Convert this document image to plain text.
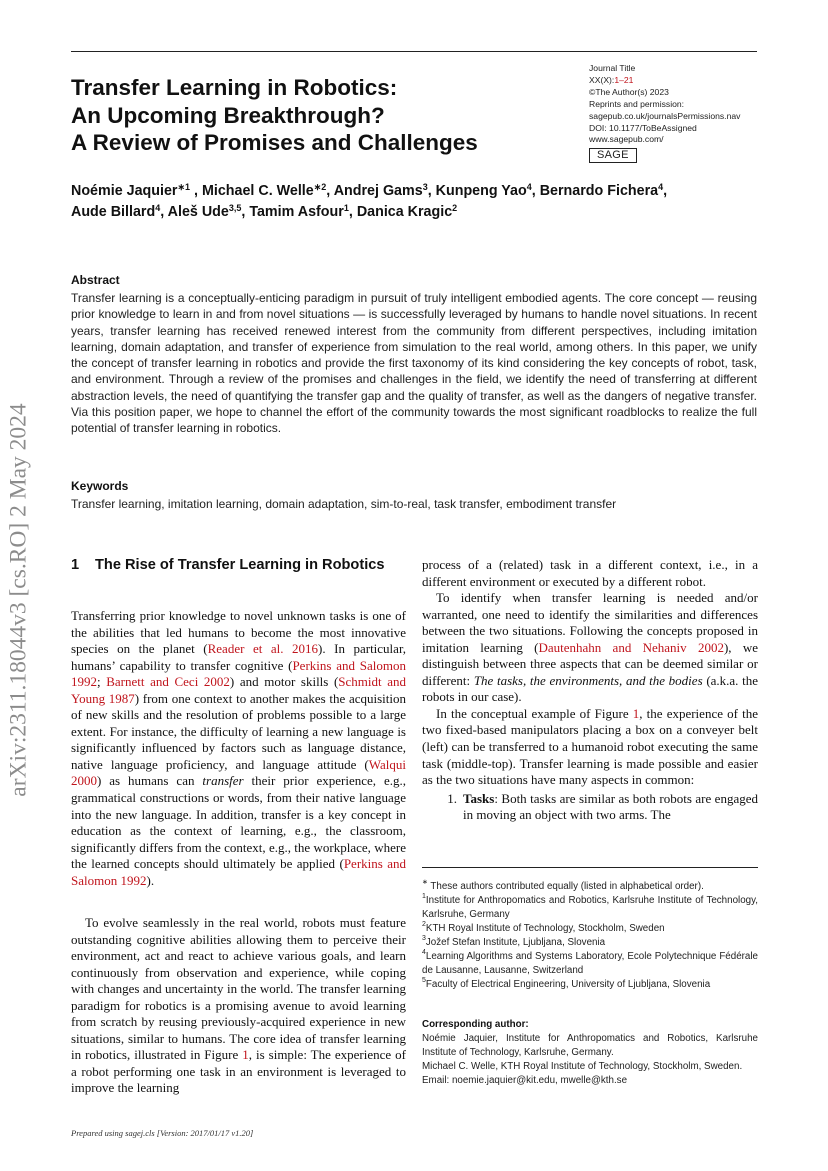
Transfer Learning in Robotics:
An Upcoming Breakthrough?
A Review of Promises and Challenges
Journal Title
XX(X):1–21
©The Author(s) 2023
Reprints and permission:
sagepub.co.uk/journalsPermissions.nav
DOI: 10.1177/ToBeAssigned
www.sagepub.com/
SAGE
Noémie Jaquier$^{∗1}$ , Michael C. Welle$^{∗2}$, Andrej Gams$^3$, Kunpeng Yao$^4$, Bernardo Fichera$^4$,
Aude Billard$^4$, Aleš Ude$^{3,5}$, Tamim Asfour$^1$, Danica Kragic$^2$
Abstract
Transfer learning is a conceptually-enticing paradigm in pursuit of truly intelligent embodied agents. The core concept — reusing prior knowledge to learn in and from novel situations — is successfully leveraged by humans to handle novel situations. In recent years, transfer learning has received renewed interest from the community from different perspectives, including imitation learning, domain adaptation, and transfer of experience from simulation to the real world, among others. In this paper, we unify the concept of transfer learning in robotics and provide the first taxonomy of its kind considering the key concepts of robot, task, and environment. Through a review of the promises and challenges in the field, we identify the need of transferring at different abstraction levels, the need of quantifying the transfer gap and the quality of transfer, as well as the dangers of negative transfer. Via this position paper, we hope to channel the effort of the community towards the most significant roadblocks to realize the full potential of transfer learning in robotics.
Keywords
Transfer learning, imitation learning, domain adaptation, sim-to-real, task transfer, embodiment transfer
arXiv:2311.18044v3 [cs.RO] 2 May 2024	1 The Rise of Transfer Learning in Robotics

Transferring prior knowledge to novel unknown tasks is one of the abilities that led humans to become the most innovative species on the planet (Reader et al. 2016). In particular, humans’ capability to transfer cognitive (Perkins and Salomon 1992; Barnett and Ceci 2002) and motor skills (Schmidt and Young 1987) from one context to another makes the acquisition of new skills and the resolution of problems possible to a large extent. For instance, the difficulty of learning a new language is significantly influenced by factors such as language distance, native language proficiency, and language attitude (Walqui 2000) as humans can transfer their prior experience, e.g., grammatical constructions or words, from their native language into the new language. In addition, transfer is a key concept in education as the context of learning, e.g., the classroom, significantly differs from the context, e.g., the workplace, where the learned concepts should ultimately be applied (Perkins and Salomon 1992).

To evolve seamlessly in the real world, robots must feature outstanding cognitive abilities allowing them to perceive their environment, act and react to achieve various goals, and learn continuously from observation and experience, while coping with changes and uncertainty in the world. The transfer learning paradigm for robotics is a promising avenue to avoid learning from scratch by reusing previously-acquired experience in new situations, similar to humans. The core idea of transfer learning in robotics, illustrated in Figure 1, is simple: The experience of a robot performing one task in an environment is leveraged to improve the learning

process of a (related) task in a different context, i.e., in a different environment or executed by a different robot.

To identify when transfer learning is needed and/or warranted, one need to identify the similarities and differences between the two situations. Following the concepts proposed in imitation learning (Dautenhahn and Nehaniv 2002), we distinguish between three aspects that can be deemed similar or different: The tasks, the environments, and the bodies (a.k.a. the robots in our case).

In the conceptual example of Figure 1, the experience of the two fixed-based manipulators placing a box on a conveyer belt (left) can be transferred to a humanoid robot executing the same task (middle-top). Transfer learning is made possible and easier as the two situations have many aspects in common:

1. Tasks: Both tasks are similar as both robots are engaged in moving an object with two arms. The

∗ These authors contributed equally (listed in alphabetical order).

$^1$Institute for Anthropomatics and Robotics, Karlsruhe Institute of Technology, Karlsruhe, Germany

$^2$KTH Royal Institute of Technology, Stockholm, Sweden

$^3$Jožef Stefan Institute, Ljubljana, Slovenia

$^4$Learning Algorithms and Systems Laboratory, Ecole Polytechnique Fédérale de Lausanne, Lausanne, Switzerland

$^5$Faculty of Electrical Engineering, University of Ljubljana, Slovenia

Corresponding author:

Noémie Jaquier, Institute for Anthropomatics and Robotics, Karlsruhe Institute of Technology, Karlsruhe, Germany.

Michael C. Welle, KTH Royal Institute of Technology, Stockholm, Sweden.

Email: noemie.jaquier@kit.edu, mwelle@kth.se

Prepared using sagej.cls [Version: 2017/01/17 v1.20]
